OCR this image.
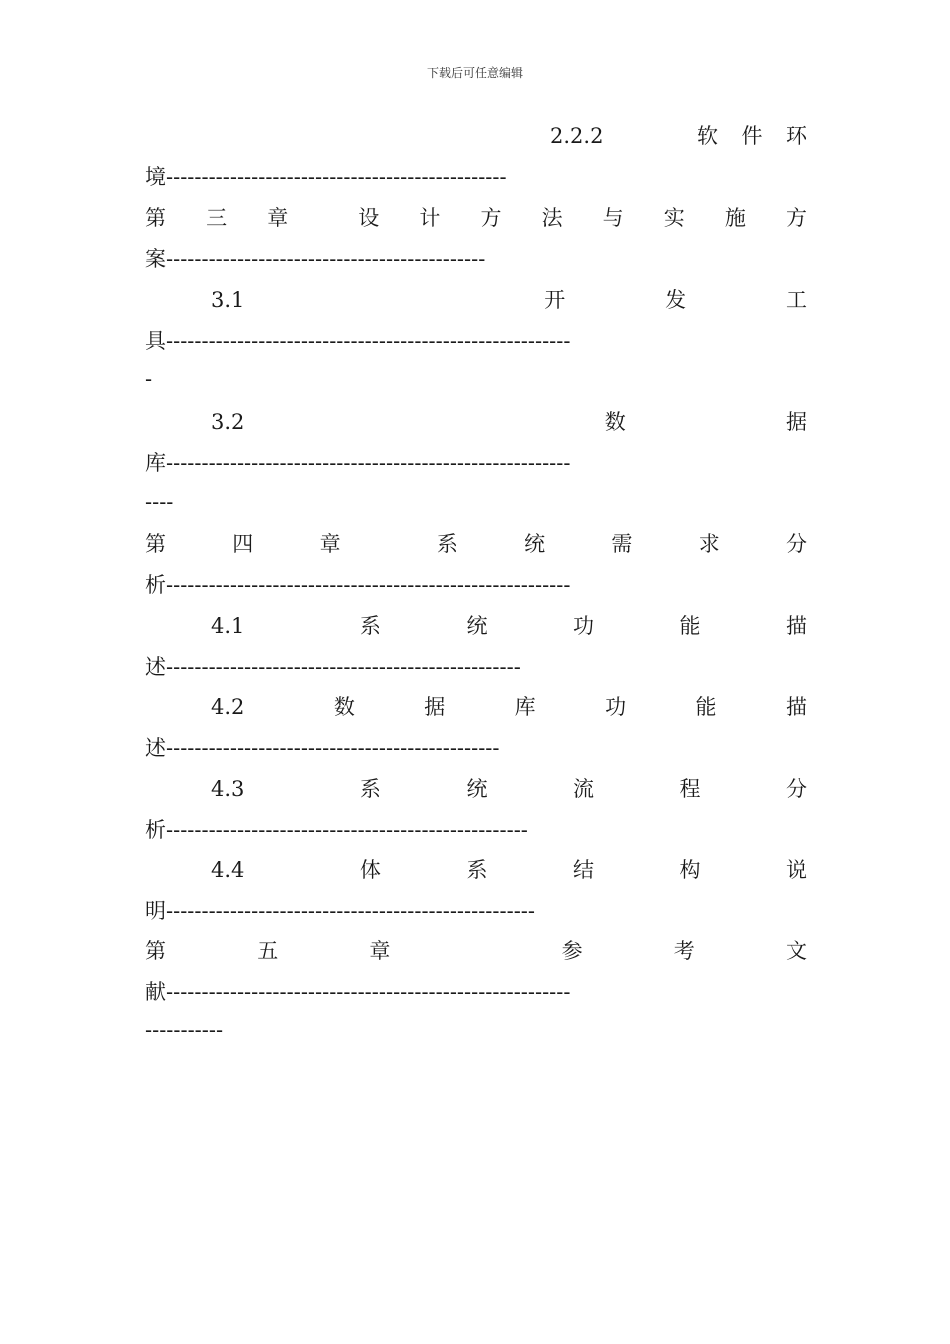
下载后可任意编辑
2.2.2	软 件 环
境------------------------------------------------
第 三 章	设 计 方 法 与 实 施 方
案---------------------------------------------
3.1	开	发	工
具---------------------------------------------------------
-
3.2	数	据
库---------------------------------------------------------
----
第	四	章	系	统	需	求	分
析---------------------------------------------------------
4.1	系	统	功	能	描
述--------------------------------------------------
4.2	数	据	库	功	能	描
述-----------------------------------------------
4.3	系	统	流	程	分
析---------------------------------------------------
4.4	体	系	结	构	说
明----------------------------------------------------
第	五	章	参	考	文
献---------------------------------------------------------
-----------
